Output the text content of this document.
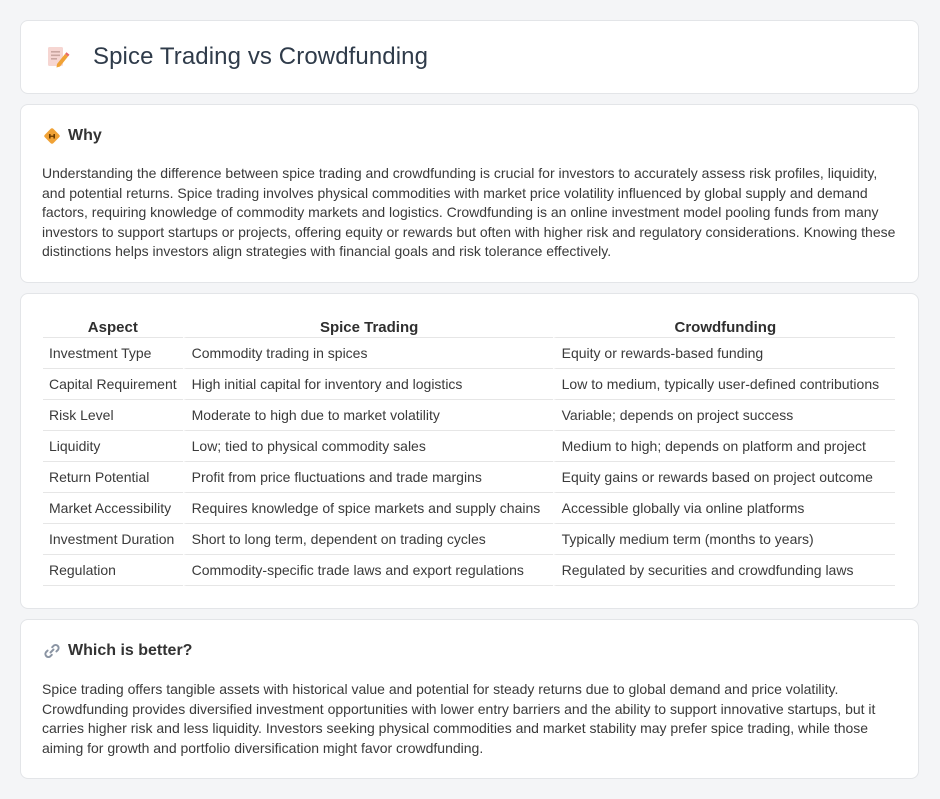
Spice Trading vs Crowdfunding
Why

Understanding the difference between spice trading and crowdfunding is crucial for investors to accurately assess risk profiles, liquidity, and potential returns. Spice trading involves physical commodities with market price volatility influenced by global supply and demand factors, requiring knowledge of commodity markets and logistics. Crowdfunding is an online investment model pooling funds from many investors to support startups or projects, offering equity or rewards but often with higher risk and regulatory considerations. Knowing these distinctions helps investors align strategies with financial goals and risk tolerance effectively.

Aspect	Spice Trading	Crowdfunding
Investment Type	Commodity trading in spices	Equity or rewards-based funding
Capital Requirement	High initial capital for inventory and logistics	Low to medium, typically user-defined contributions
Risk Level	Moderate to high due to market volatility	Variable; depends on project success
Liquidity	Low; tied to physical commodity sales	Medium to high; depends on platform and project
Return Potential	Profit from price fluctuations and trade margins	Equity gains or rewards based on project outcome
Market Accessibility	Requires knowledge of spice markets and supply chains	Accessible globally via online platforms
Investment Duration	Short to long term, dependent on trading cycles	Typically medium term (months to years)
Regulation	Commodity-specific trade laws and export regulations	Regulated by securities and crowdfunding laws
Which is better?

Spice trading offers tangible assets with historical value and potential for steady returns due to global demand and price volatility. Crowdfunding provides diversified investment opportunities with lower entry barriers and the ability to support innovative startups, but it carries higher risk and less liquidity. Investors seeking physical commodities and market stability may prefer spice trading, while those aiming for growth and portfolio diversification might favor crowdfunding.
